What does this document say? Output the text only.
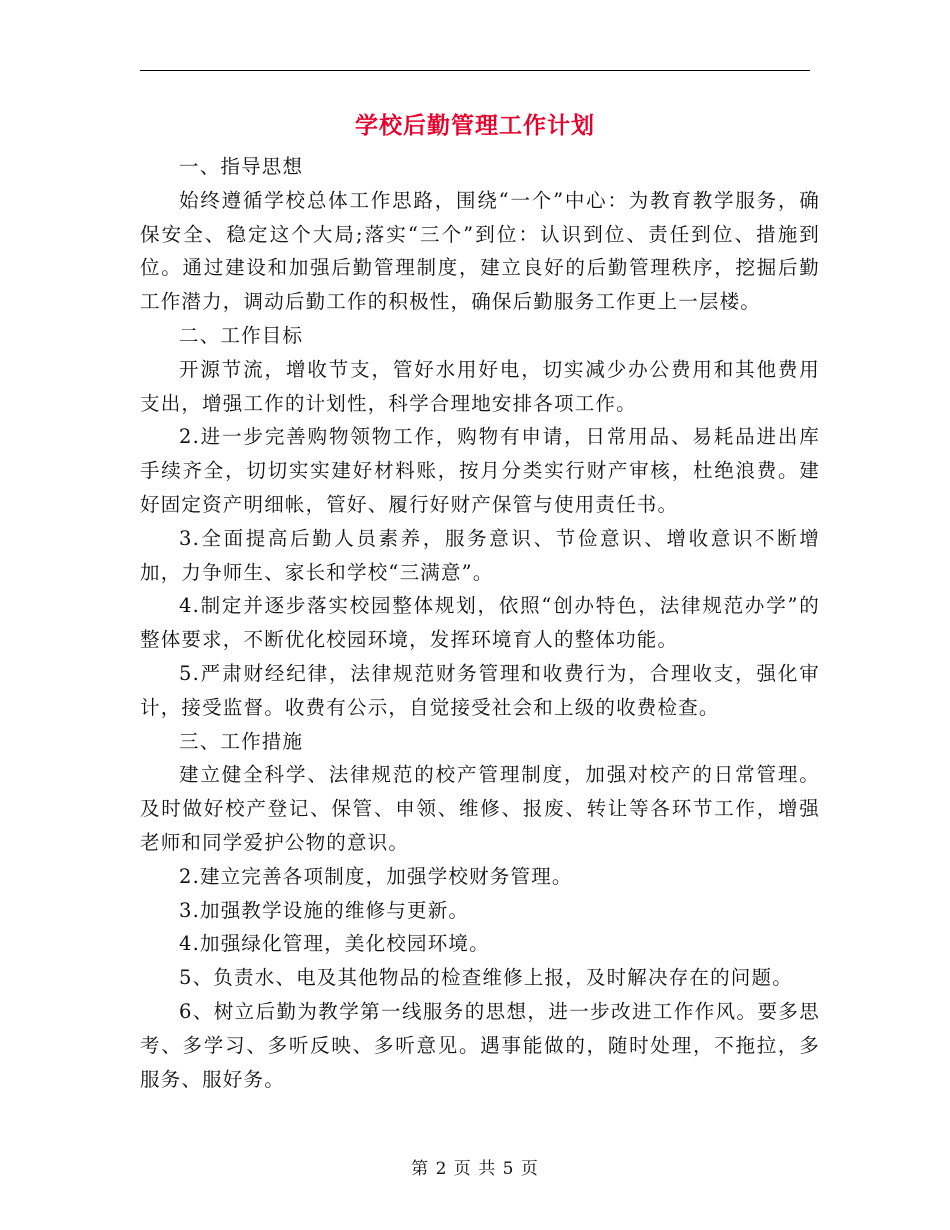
学校后勤管理工作计划

一、指导思想

始终遵循学校总体工作思路，围绕“一个”中心：为教育教学服务，确保安全、稳定这个大局;落实“三个”到位：认识到位、责任到位、措施到位。通过建设和加强后勤管理制度，建立良好的后勤管理秩序，挖掘后勤工作潜力，调动后勤工作的积极性，确保后勤服务工作更上一层楼。

二、工作目标

开源节流，增收节支，管好水用好电，切实减少办公费用和其他费用支出，增强工作的计划性，科学合理地安排各项工作。

2.进一步完善购物领物工作，购物有申请，日常用品、易耗品进出库手续齐全，切切实实建好材料账，按月分类实行财产审核，杜绝浪费。建好固定资产明细帐，管好、履行好财产保管与使用责任书。

3.全面提高后勤人员素养，服务意识、节俭意识、增收意识不断增加，力争师生、家长和学校“三满意”。

4.制定并逐步落实校园整体规划，依照“创办特色，法律规范办学”的整体要求，不断优化校园环境，发挥环境育人的整体功能。

5.严肃财经纪律，法律规范财务管理和收费行为，合理收支，强化审计，接受监督。收费有公示，自觉接受社会和上级的收费检查。

三、工作措施

建立健全科学、法律规范的校产管理制度，加强对校产的日常管理。及时做好校产登记、保管、申领、维修、报废、转让等各环节工作，增强老师和同学爱护公物的意识。

2.建立完善各项制度，加强学校财务管理。

3.加强教学设施的维修与更新。

4.加强绿化管理，美化校园环境。

5、负责水、电及其他物品的检查维修上报，及时解决存在的问题。

6、树立后勤为教学第一线服务的思想，进一步改进工作作风。要多思考、多学习、多听反映、多听意见。遇事能做的，随时处理，不拖拉，多服务、服好务。

第 2 页 共 5 页
